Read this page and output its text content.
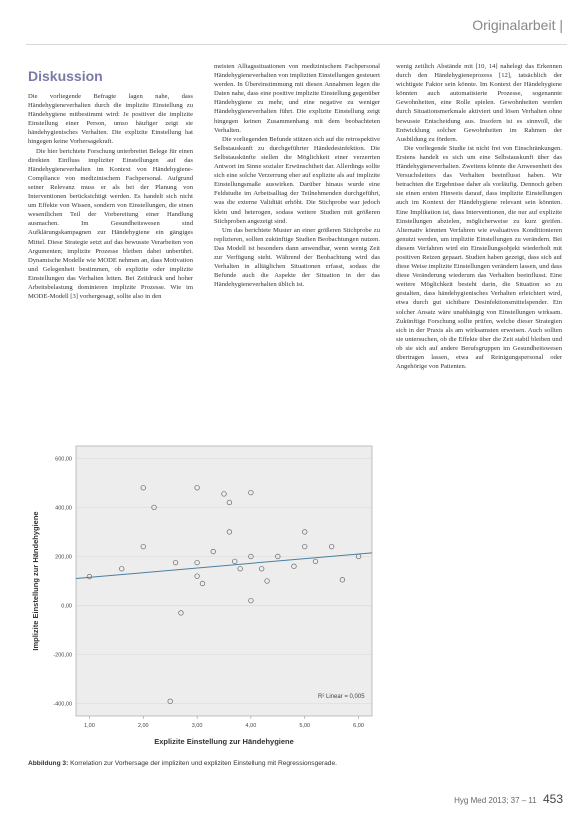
Originalarbeit |
Diskussion

Die vorliegende Befragte lagen nahe, dass Händehygieneverhalten durch die implizite Einstellung zu Händehygiene mitbestimmt wird: Je positiver die implizite Einstellung einer Person, umso häufiger zeigt sie händehygienisches Verhalten. Die explizite Einstellung hat hingegen keine Vorhersagekraft.

Die hier berichtete Forschung unterbreitet Belege für einen direkten Einfluss impliziter Einstellungen auf das Händehygieneverhalten im Kontext von Händehygiene-Compliance von medizinischem Fachpersonal. Aufgrund seiner Relevanz muss er als bei der Planung von Interventionen berücksichtigt werden. Es handelt sich nicht um Effekte von Wissen, sondern von Einstellungen, die einen wesentlichen Teil der Vorbereitung einer Handlung ausmachen. Im Gesundheitswesen sind Aufklärungskampagnen zur Händehygiene ein gängiges Mittel. Diese Strategie setzt auf das bewusste Verarbeiten von Argumenten; implizite Prozesse bleiben dabei unberührt. Dynamische Modelle wie MODE nehmen an, dass Motivation und Gelegenheit bestimmen, ob explizite oder implizite Einstellungen das Verhalten leiten. Bei Zeitdruck und hoher Arbeitsbelastung dominieren implizite Prozesse. Wie im MODE-Modell [3] vorhergesagt, sollte also in den

meisten Alltagssituationen von medizinischem Fachpersonal Händehygieneverhalten von impliziten Einstellungen gesteuert werden. In Übereinstimmung mit diesen Annahmen legen die Daten nahe, dass eine positive implizite Einstellung gegenüber Händehygiene zu mehr, und eine negative zu weniger Händehygieneverhalten führt. Die explizite Einstellung zeigt hingegen keinen Zusammenhang mit dem beobachteten Verhalten.

Die vorliegenden Befunde stützen sich auf die retrospektive Selbstauskunft zu durchgeführter Händedesinfektion. Die Selbstauskünfte stellen die Möglichkeit einer verzerrten Antwort im Sinne sozialer Erwünschtheit dar. Allerdings sollte sich eine solche Verzerrung eher auf explizite als auf implizite Einstellungsmaße auswirken. Darüber hinaus wurde eine Feldstudie im Arbeitsalltag der Teilnehmenden durchgeführt, was die externe Validität erhöht. Die Stichprobe war jedoch klein und heterogen, sodass weitere Studien mit größeren Stichproben angezeigt sind.

Um das berichtete Muster an einer größeren Stichprobe zu replizieren, sollten zukünftige Studien Beobachtungen nutzen. Das Modell ist besonders dann anwendbar, wenn wenig Zeit zur Verfügung steht. Während der Beobachtung wird das Verhalten in alltäglichen Situationen erfasst, sodass die Befunde auch die Aspekte der Situation in der das Händehygieneverhalten üblich ist.

wenig zeitlich Abstände mit [10, 14] nahelegt das Erkennen durch den Händehygieneprozess [12], tatsächlich der wichtigste Faktor sein könnte. Im Kontext der Händehygiene könnten auch automatisierte Prozesse, sogenannte Gewohnheiten, eine Rolle spielen. Gewohnheiten werden durch Situationsmerkmale aktiviert und lösen Verhalten ohne bewusste Entscheidung aus. Insofern ist es sinnvoll, die Entwicklung solcher Gewohnheiten im Rahmen der Ausbildung zu fördern.

Die vorliegende Studie ist nicht frei von Einschränkungen. Erstens handelt es sich um eine Selbstauskunft über das Händehygieneverhalten. Zweitens könnte die Anwesenheit des Versuchsleiters das Verhalten beeinflusst haben. Wir betrachten die Ergebnisse daher als vorläufig. Dennoch geben sie einen ersten Hinweis darauf, dass implizite Einstellungen auch im Kontext der Händehygiene relevant sein könnten. Eine Implikation ist, dass Interventionen, die nur auf explizite Einstellungen abzielen, möglicherweise zu kurz greifen. Alternativ könnten Verfahren wie evaluatives Konditionieren genutzt werden, um implizite Einstellungen zu verändern. Bei diesem Verfahren wird ein Einstellungsobjekt wiederholt mit positiven Reizen gepaart. Studien haben gezeigt, dass sich auf diese Weise implizite Einstellungen verändern lassen, und dass diese Veränderung wiederum das Verhalten beeinflusst. Eine weitere Möglichkeit besteht darin, die Situation so zu gestalten, dass händehygienisches Verhalten erleichtert wird, etwa durch gut sichtbare Desinfektionsmittelspender. Ein solcher Ansatz wäre unabhängig von Einstellungen wirksam. Zukünftige Forschung sollte prüfen, welche dieser Strategien sich in der Praxis als am wirksamsten erweisen. Auch sollten sie untersuchen, ob die Effekte über die Zeit stabil bleiben und ob sie sich auf andere Berufsgruppen im Gesundheitswesen übertragen lassen, etwa auf Reinigungspersonal oder Angehörige von Patienten.

-400,00
-200,00
0,00
200,00
400,00
600,00
1,00	2,00	3,00	4,00	5,00	6,00
R² Linear = 0,005
Explizite Einstellung zur Händehygiene
Implizite Einstellung zur Händehygiene
Abbildung 3: Korrelation zur Vorhersage der impliziten und expliziten Einstellung mit Regressionsgerade.
Hyg Med 2013; 37 – 11 453
